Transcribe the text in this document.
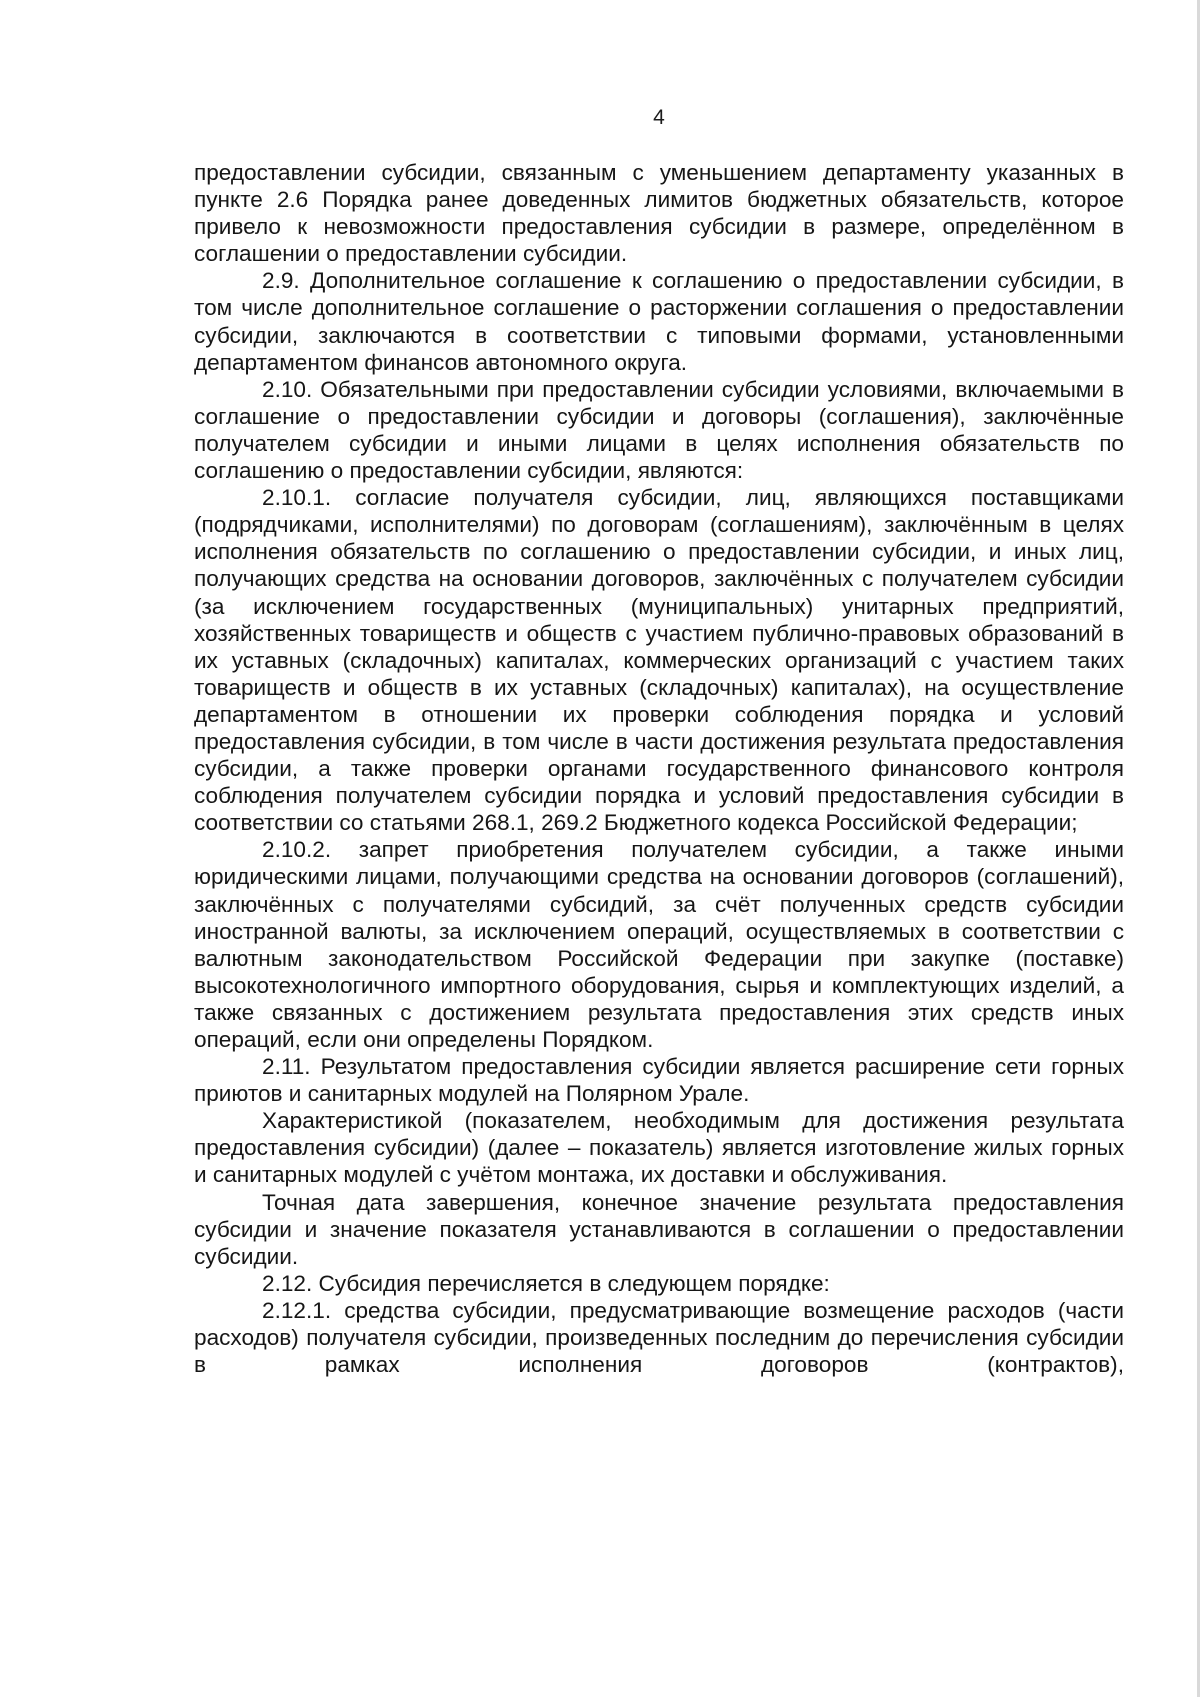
4

предоставлении субсидии, связанным с уменьшением департаменту указанных в пункте 2.6 Порядка ранее доведенных лимитов бюджетных обязательств, которое привело к невозможности предоставления субсидии в размере, определённом в соглашении о предоставлении субсидии.

2.9. Дополнительное соглашение к соглашению о предоставлении субсидии, в том числе дополнительное соглашение о расторжении соглашения о предоставлении субсидии, заключаются в соответствии с типовыми формами, установленными департаментом финансов автономного округа.

2.10. Обязательными при предоставлении субсидии условиями, включаемыми в соглашение о предоставлении субсидии и договоры (соглашения), заключённые получателем субсидии и иными лицами в целях исполнения обязательств по соглашению о предоставлении субсидии, являются:

2.10.1. согласие получателя субсидии, лиц, являющихся поставщиками (подрядчиками, исполнителями) по договорам (соглашениям), заключённым в целях исполнения обязательств по соглашению о предоставлении субсидии, и иных лиц, получающих средства на основании договоров, заключённых с получателем субсидии (за исключением государственных (муниципальных) унитарных предприятий, хозяйственных товариществ и обществ с участием публично-правовых образований в их уставных (складочных) капиталах, коммерческих организаций с участием таких товариществ и обществ в их уставных (складочных) капиталах), на осуществление департаментом в отношении их проверки соблюдения порядка и условий предоставления субсидии, в том числе в части достижения результата предоставления субсидии, а также проверки органами государственного финансового контроля соблюдения получателем субсидии порядка и условий предоставления субсидии в соответствии со статьями 268.1, 269.2 Бюджетного кодекса Российской Федерации;

2.10.2. запрет приобретения получателем субсидии, а также иными юридическими лицами, получающими средства на основании договоров (соглашений), заключённых с получателями субсидий, за счёт полученных средств субсидии иностранной валюты, за исключением операций, осуществляемых в соответствии с валютным законодательством Российской Федерации при закупке (поставке) высокотехнологичного импортного оборудования, сырья и комплектующих изделий, а также связанных с достижением результата предоставления этих средств иных операций, если они определены Порядком.

2.11. Результатом предоставления субсидии является расширение сети горных приютов и санитарных модулей на Полярном Урале.

Характеристикой (показателем, необходимым для достижения результата предоставления субсидии) (далее – показатель) является изготовление жилых горных и санитарных модулей с учётом монтажа, их доставки и обслуживания.

Точная дата завершения, конечное значение результата предоставления субсидии и значение показателя устанавливаются в соглашении о предоставлении субсидии.

2.12. Субсидия перечисляется в следующем порядке:

2.12.1. средства субсидии, предусматривающие возмещение расходов (части расходов) получателя субсидии, произведенных последним до перечисления субсидии в рамках исполнения договоров (контрактов),
